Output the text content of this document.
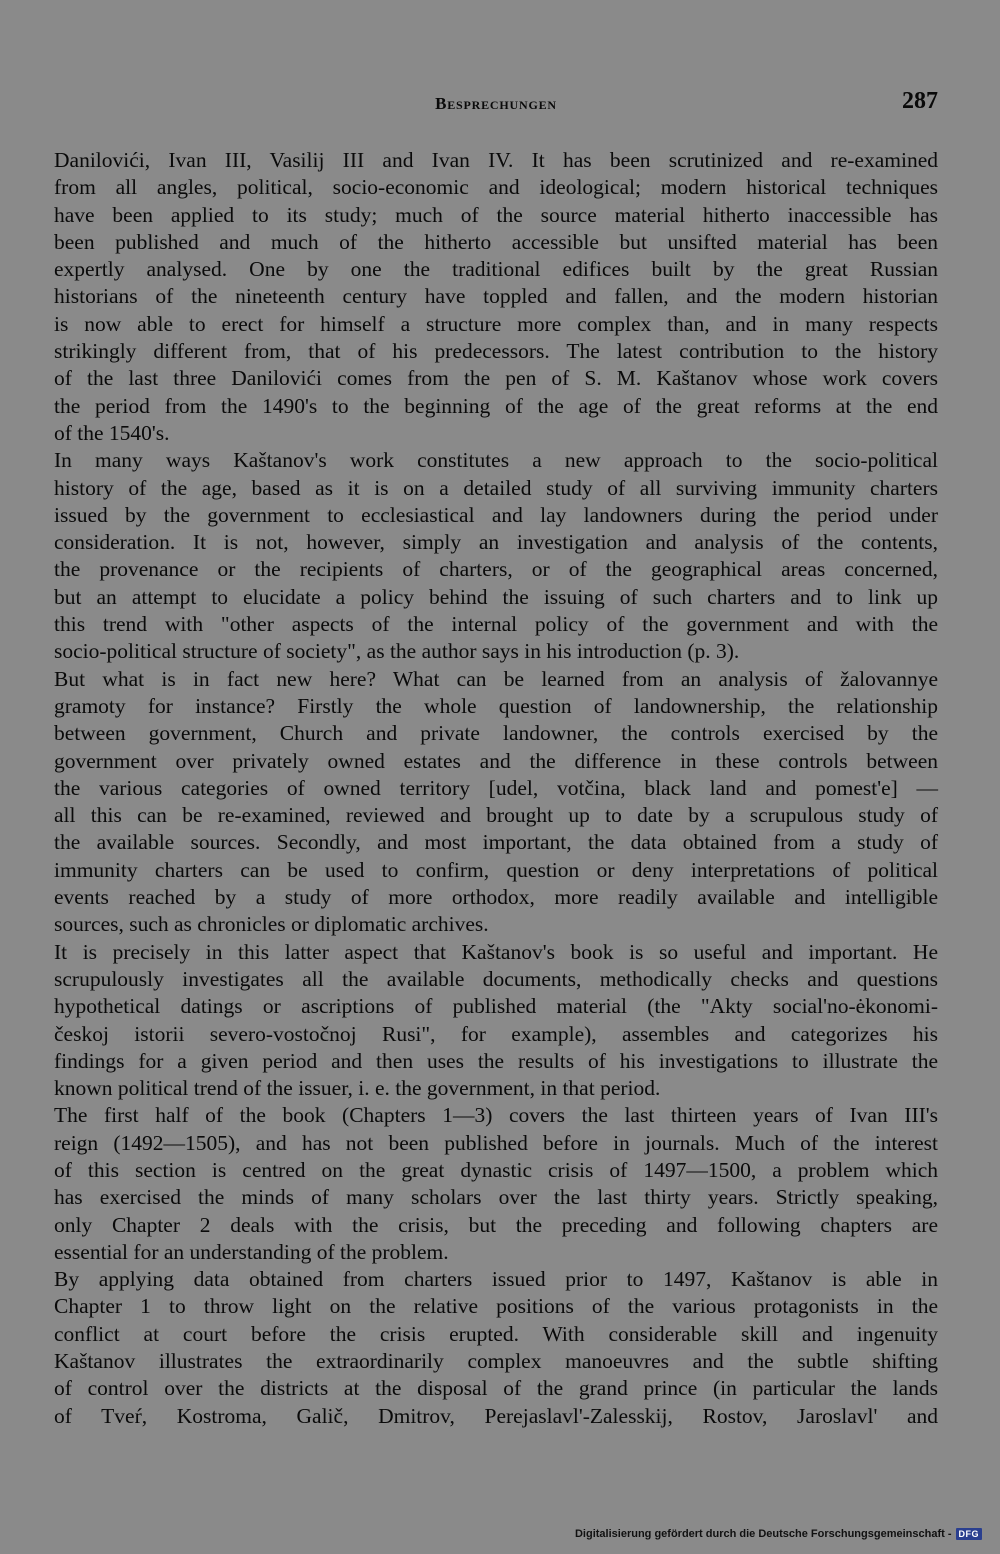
Besprechungen	287
Danilovići, Ivan III, Vasilij III and Ivan IV. It has been scrutinized and re-examined
from all angles, political, socio-economic and ideological; modern historical techniques
have been applied to its study; much of the source material hitherto inaccessible has
been published and much of the hitherto accessible but unsifted material has been
expertly analysed. One by one the traditional edifices built by the great Russian
historians of the nineteenth century have toppled and fallen, and the modern historian
is now able to erect for himself a structure more complex than, and in many respects
strikingly different from, that of his predecessors. The latest contribution to the history
of the last three Danilovići comes from the pen of S. M. Kaštanov whose work covers
the period from the 1490's to the beginning of the age of the great reforms at the end
of the 1540's.
In many ways Kaštanov's work constitutes a new approach to the socio-political
history of the age, based as it is on a detailed study of all surviving immunity charters
issued by the government to ecclesiastical and lay landowners during the period under
consideration. It is not, however, simply an investigation and analysis of the contents,
the provenance or the recipients of charters, or of the geographical areas concerned,
but an attempt to elucidate a policy behind the issuing of such charters and to link up
this trend with "other aspects of the internal policy of the government and with the
socio-political structure of society", as the author says in his introduction (p. 3).
But what is in fact new here? What can be learned from an analysis of žalovannye
gramoty for instance? Firstly the whole question of landownership, the relationship
between government, Church and private landowner, the controls exercised by the
government over privately owned estates and the difference in these controls between
the various categories of owned territory [udel, votčina, black land and pomest'e] —
all this can be re-examined, reviewed and brought up to date by a scrupulous study of
the available sources. Secondly, and most important, the data obtained from a study of
immunity charters can be used to confirm, question or deny interpretations of political
events reached by a study of more orthodox, more readily available and intelligible
sources, such as chronicles or diplomatic archives.
It is precisely in this latter aspect that Kaštanov's book is so useful and important. He
scrupulously investigates all the available documents, methodically checks and questions
hypothetical datings or ascriptions of published material (the "Akty social'no-ėkonomi-
českoj istorii severo-vostočnoj Rusi", for example), assembles and categorizes his
findings for a given period and then uses the results of his investigations to illustrate the
known political trend of the issuer, i. e. the government, in that period.
The first half of the book (Chapters 1—3) covers the last thirteen years of Ivan III's
reign (1492—1505), and has not been published before in journals. Much of the interest
of this section is centred on the great dynastic crisis of 1497—1500, a problem which
has exercised the minds of many scholars over the last thirty years. Strictly speaking,
only Chapter 2 deals with the crisis, but the preceding and following chapters are
essential for an understanding of the problem.
By applying data obtained from charters issued prior to 1497, Kaštanov is able in
Chapter 1 to throw light on the relative positions of the various protagonists in the
conflict at court before the crisis erupted. With considerable skill and ingenuity
Kaštanov illustrates the extraordinarily complex manoeuvres and the subtle shifting
of control over the districts at the disposal of the grand prince (in particular the lands
of Tveŕ, Kostroma, Galič, Dmitrov, Perejaslavl'-Zalesskij, Rostov, Jaroslavl' and
Digitalisierung gefördert durch die Deutsche Forschungsgemeinschaft - DFG
